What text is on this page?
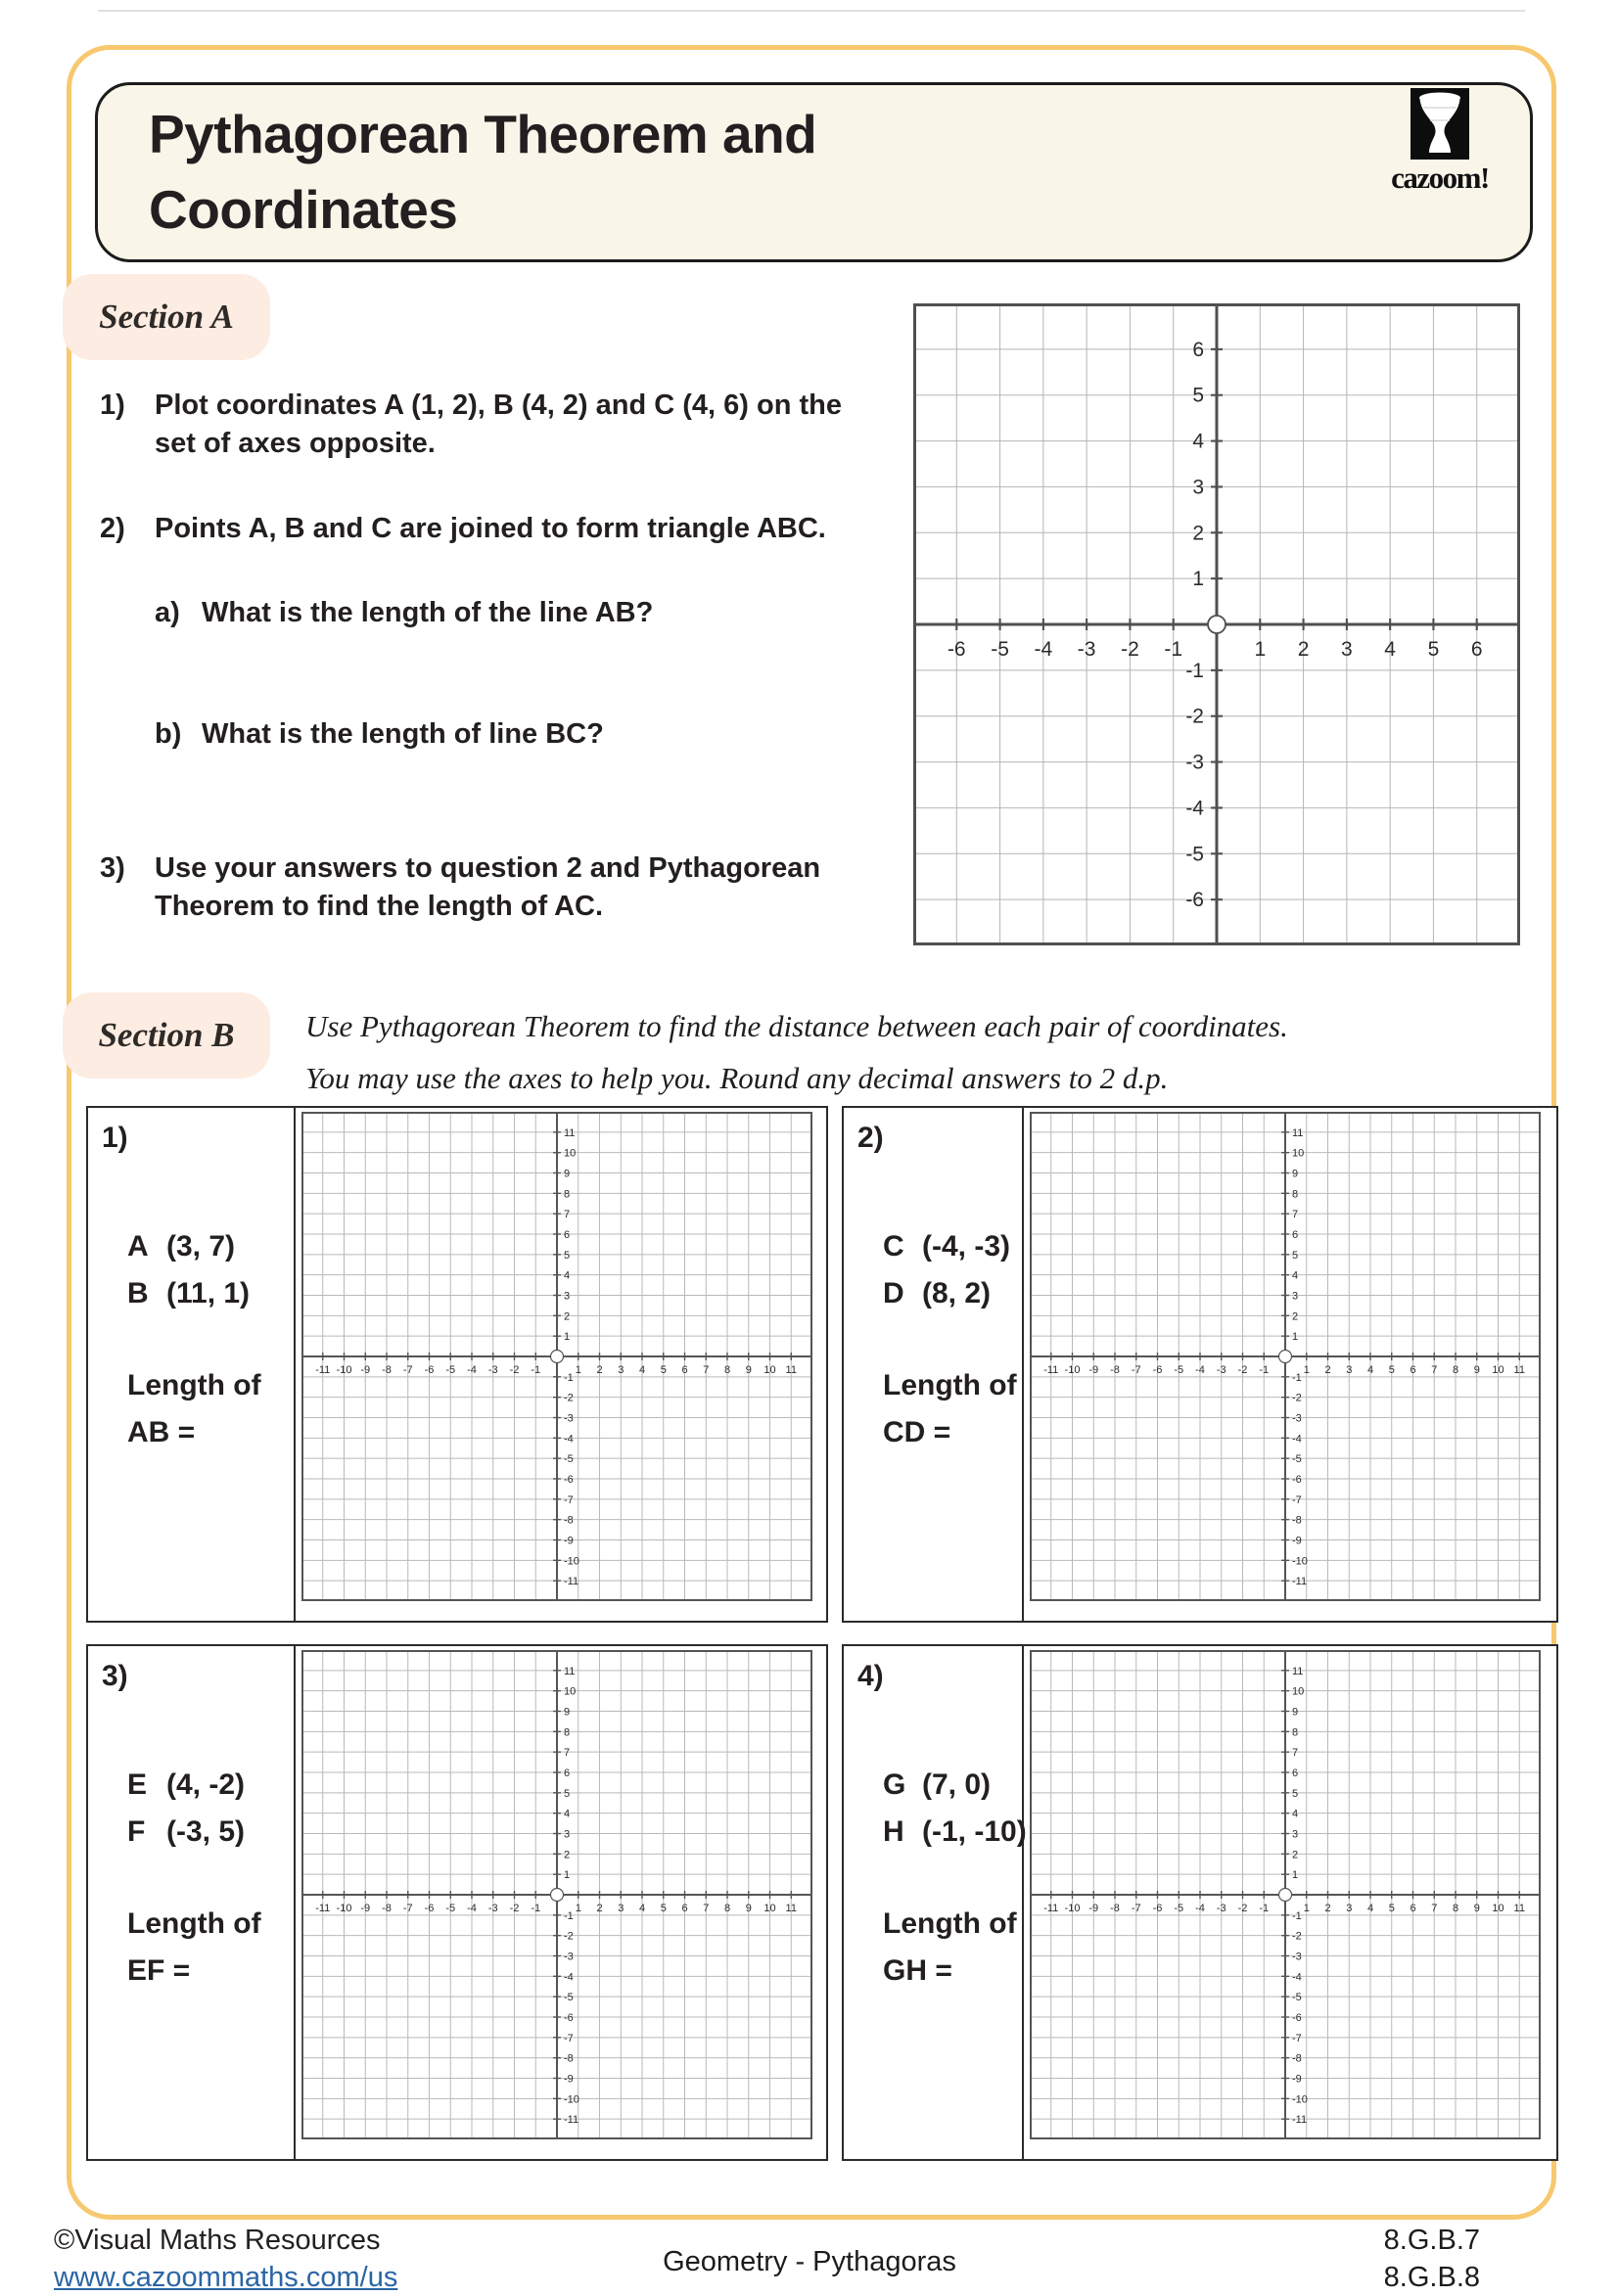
Pythagorean Theorem and
Coordinates
cazoom!
Section A
1)	Plot coordinates A (1, 2), B (4, 2) and C (4, 6) on the set of axes opposite.
2)	Points A, B and C are joined to form triangle ABC.
a) What is the length of the line AB?
b) What is the length of line BC?
3)	Use your answers to question 2 and Pythagorean Theorem to find the length of AC.
-6
-6
-5
-5
-4
-4
-3
-3
-2
-2
-1
-1
1
1
2
2
3
3
4
4
5
5
6
6
Section B Use Pythagorean Theorem to find the distance between each pair of coordinates.
You may use the axes to help you. Round any decimal answers to 2 d.p.
1)
A (3, 7)
B (11, 1)
Length of
AB =
-11
-11
-10
-10
-9
-9
-8
-8
-7
-7
-6
-6
-5
-5
-4
-4
-3
-3
-2
-2
-1
-1
1
1
2
2
3
3
4
4
5
5
6
6
7
7
8
8
9
9
10
10
11
11	2)
C (-4, -3)
D (8, 2)
Length of
CD =
-11
-11
-10
-10
-9
-9
-8
-8
-7
-7
-6
-6
-5
-5
-4
-4
-3
-3
-2
-2
-1
-1
1
1
2
2
3
3
4
4
5
5
6
6
7
7
8
8
9
9
10
10
11
11
3)
E (4, -2)
F (-3, 5)
Length of
EF =
-11
-11
-10
-10
-9
-9
-8
-8
-7
-7
-6
-6
-5
-5
-4
-4
-3
-3
-2
-2
-1
-1
1
1
2
2
3
3
4
4
5
5
6
6
7
7
8
8
9
9
10
10
11
11	4)
G (7, 0)
H (-1, -10)
Length of
GH =
-11
-11
-10
-10
-9
-9
-8
-8
-7
-7
-6
-6
-5
-5
-4
-4
-3
-3
-2
-2
-1
-1
1
1
2
2
3
3
4
4
5
5
6
6
7
7
8
8
9
9
10
10
11
11
©Visual Maths Resources
www.cazoommaths.com/us	Geometry - Pythagoras
8.G.B.7
8.G.B.8
